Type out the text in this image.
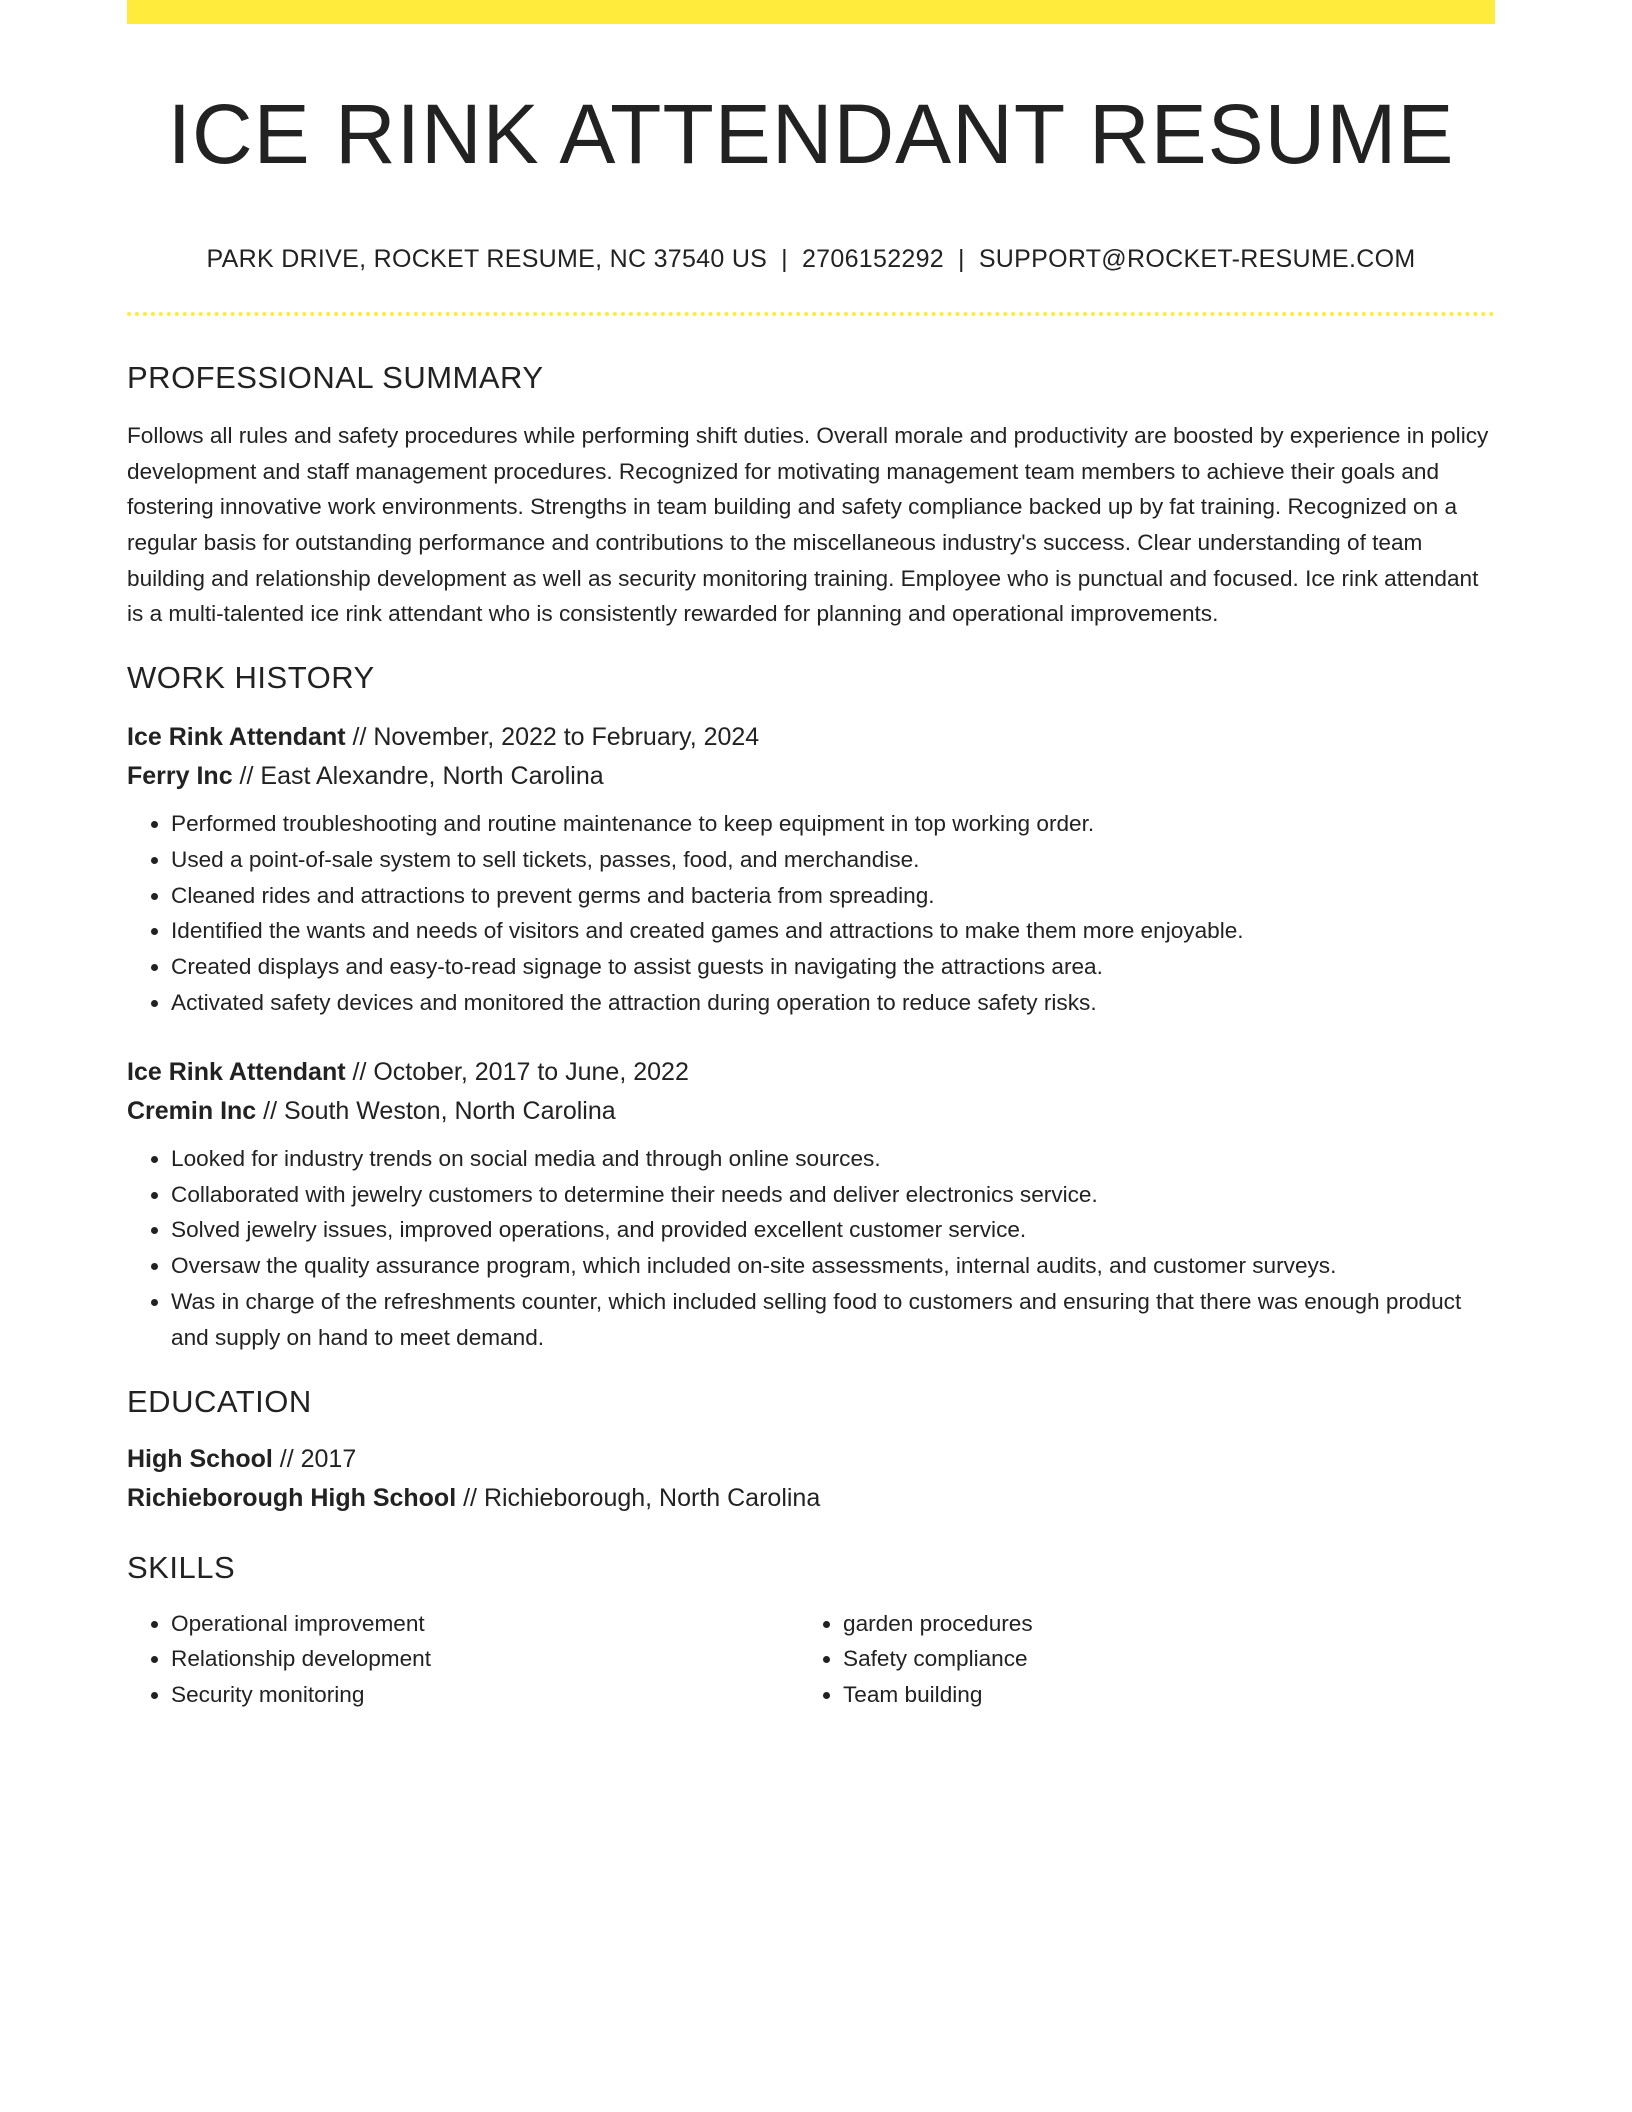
ICE RINK ATTENDANT RESUME
PARK DRIVE, ROCKET RESUME, NC 37540 US | 2706152292 | SUPPORT@ROCKET-RESUME.COM
PROFESSIONAL SUMMARY
Follows all rules and safety procedures while performing shift duties. Overall morale and productivity are boosted by experience in policy development and staff management procedures. Recognized for motivating management team members to achieve their goals and fostering innovative work environments. Strengths in team building and safety compliance backed up by fat training. Recognized on a regular basis for outstanding performance and contributions to the miscellaneous industry's success. Clear understanding of team building and relationship development as well as security monitoring training. Employee who is punctual and focused. Ice rink attendant is a multi-talented ice rink attendant who is consistently rewarded for planning and operational improvements.
WORK HISTORY
Ice Rink Attendant // November, 2022 to February, 2024
Ferry Inc // East Alexandre, North Carolina
• Performed troubleshooting and routine maintenance to keep equipment in top working order.
• Used a point-of-sale system to sell tickets, passes, food, and merchandise.
• Cleaned rides and attractions to prevent germs and bacteria from spreading.
• Identified the wants and needs of visitors and created games and attractions to make them more enjoyable.
• Created displays and easy-to-read signage to assist guests in navigating the attractions area.
• Activated safety devices and monitored the attraction during operation to reduce safety risks.
Ice Rink Attendant // October, 2017 to June, 2022
Cremin Inc // South Weston, North Carolina
• Looked for industry trends on social media and through online sources.
• Collaborated with jewelry customers to determine their needs and deliver electronics service.
• Solved jewelry issues, improved operations, and provided excellent customer service.
• Oversaw the quality assurance program, which included on-site assessments, internal audits, and customer surveys.
• Was in charge of the refreshments counter, which included selling food to customers and ensuring that there was enough product and supply on hand to meet demand.
EDUCATION
High School // 2017
Richieborough High School // Richieborough, North Carolina
SKILLS
• Operational improvement
• Relationship development
• Security monitoring
• garden procedures
• Safety compliance
• Team building
